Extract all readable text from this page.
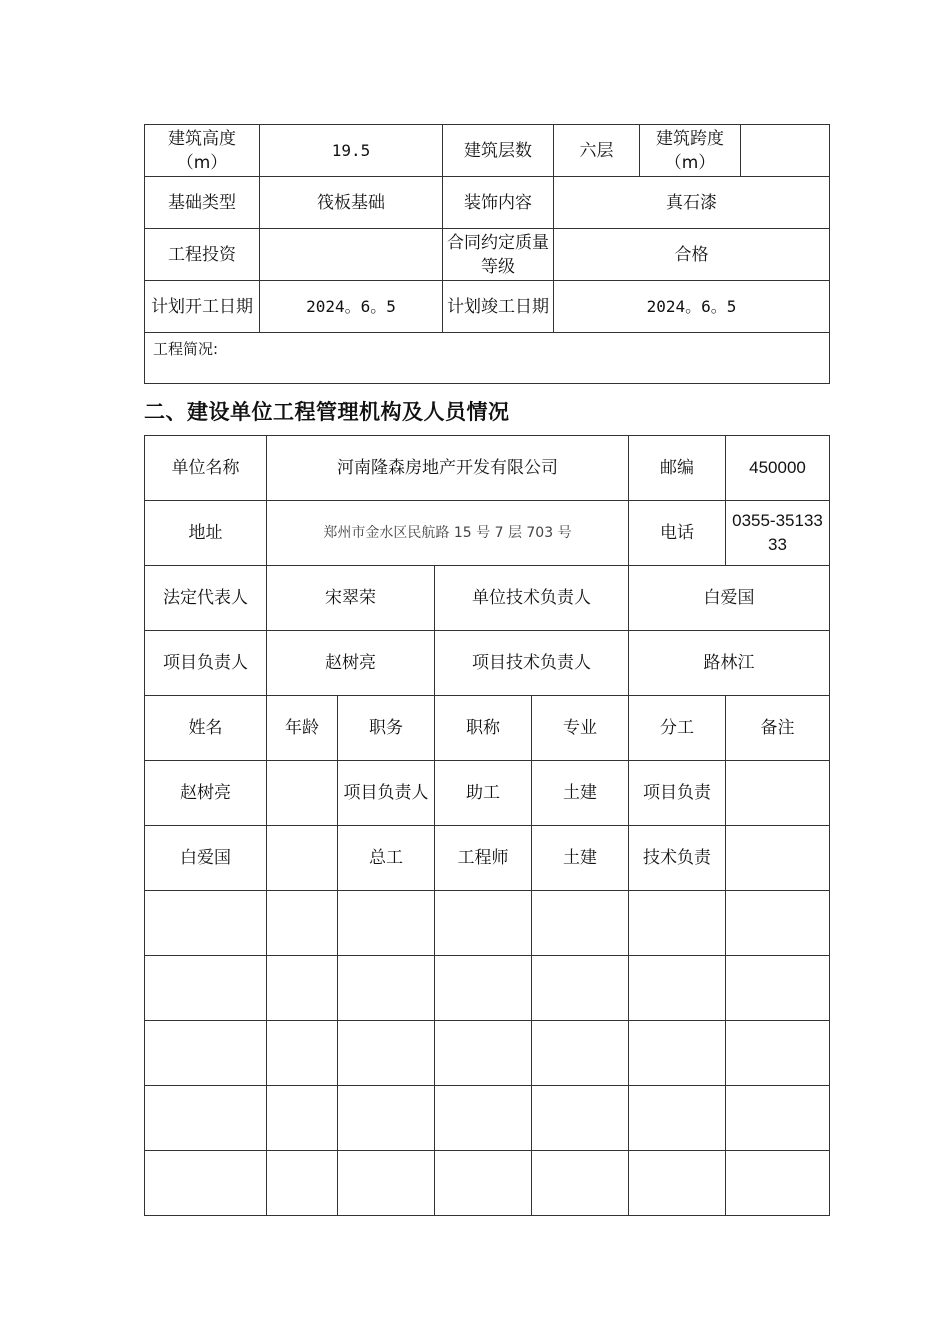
建筑高度（m）	19.5	建筑层数	六层	建筑跨度（m）	
基础类型	筏板基础	装饰内容	真石漆		
工程投资		合同约定质量等级	合格		
计划开工日期	2024。6。5	计划竣工日期	2024。6。5		
工程简况:					
二、建设单位工程管理机构及人员情况
单位名称	河南隆森房地产开发有限公司				邮编	450000
地址	郑州市金水区民航路 15 号 7 层 703 号				电话	0355-3513333
法定代表人	宋翠荣		单位技术负责人		白爱国	
项目负责人	赵树亮		项目技术负责人		路林江	
姓名	年龄	职务	职称	专业	分工	备注
赵树亮		项目负责人	助工	土建	项目负责	
白爱国		总工	工程师	土建	技术负责	
